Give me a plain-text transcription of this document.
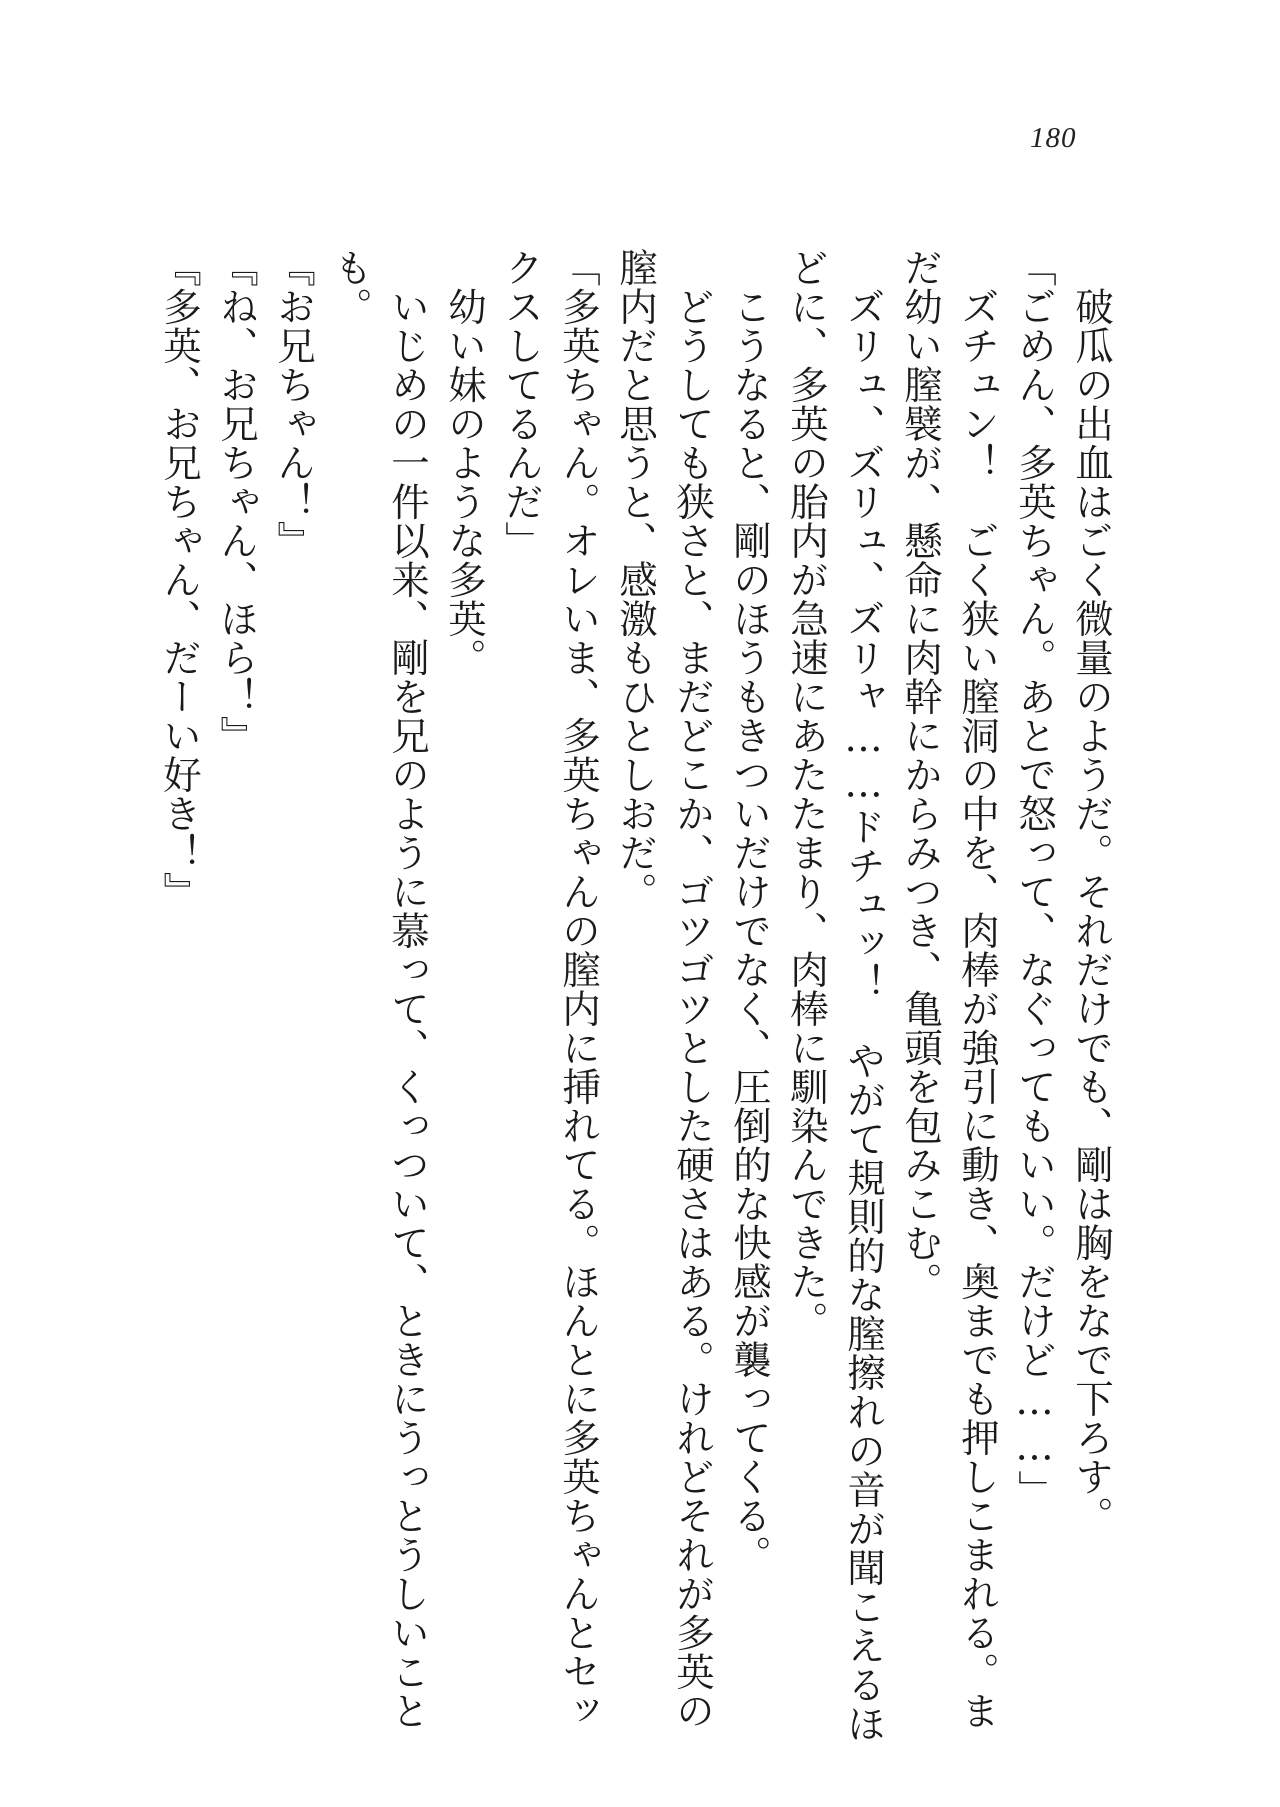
180
　破瓜の出血はごく微量のようだ。それだけでも、剛は胸をなで下ろす。
「ごめん、多英ちゃん。あとで怒って、なぐってもいい。だけど……」
　ズチュン！　ごく狭い膣洞の中を、肉棒が強引に動き、奥までも押しこまれる。ま
だ幼い膣襞が、懸命に肉幹にからみつき、亀頭を包みこむ。
　ズリュ、ズリュ、ズリャ……ドチュッ！　やがて規則的な膣擦れの音が聞こえるほ
どに、多英の胎内が急速にあたたまり、肉棒に馴染んできた。
　こうなると、剛のほうもきついだけでなく、圧倒的な快感が襲ってくる。
　どうしても狭さと、まだどこか、ゴツゴツとした硬さはある。けれどそれが多英の
膣内だと思うと、感激もひとしおだ。
「多英ちゃん。オレいま、多英ちゃんの膣内に挿れてる。ほんとに多英ちゃんとセッ
クスしてるんだ」
　幼い妹のような多英。
　いじめの一件以来、剛を兄のように慕って、くっついて、ときにうっとうしいこと
も。
『お兄ちゃん！』
『ね、お兄ちゃん、ほら！』
『多英、お兄ちゃん、だーい好き！』
